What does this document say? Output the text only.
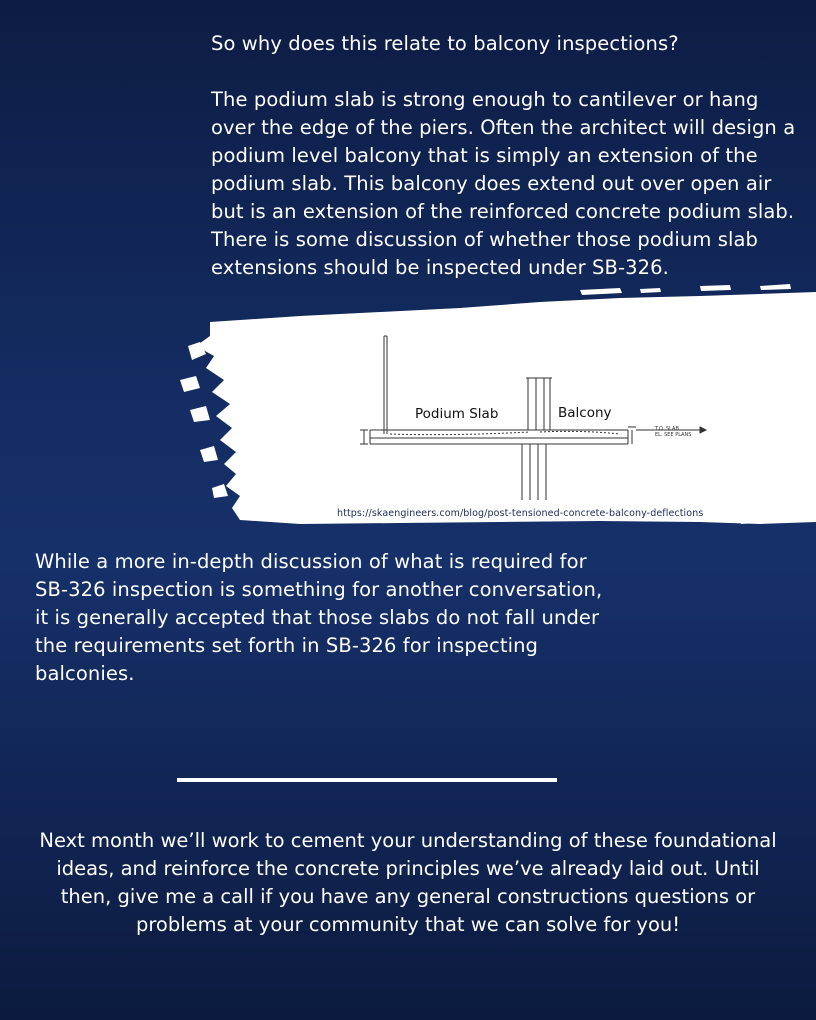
So why does this relate to balcony inspections?
The podium slab is strong enough to cantilever or hang over the edge of the piers. Often the architect will design a podium level balcony that is simply an extension of the podium slab. This balcony does extend out over open air but is an extension of the reinforced concrete podium slab. There is some discussion of whether those podium slab extensions should be inspected under SB-326.
Podium Slab	Balcony
T.O. SLAB
EL. SEE PLANS
https://skaengineers.com/blog/post-tensioned-concrete-balcony-deflections
While a more in-depth discussion of what is required for SB-326 inspection is something for another conversation, it is generally accepted that those slabs do not fall under the requirements set forth in SB-326 for inspecting balconies.
Next month we’ll work to cement your understanding of these foundational ideas, and reinforce the concrete principles we’ve already laid out. Until then, give me a call if you have any general constructions questions or problems at your community that we can solve for you!
